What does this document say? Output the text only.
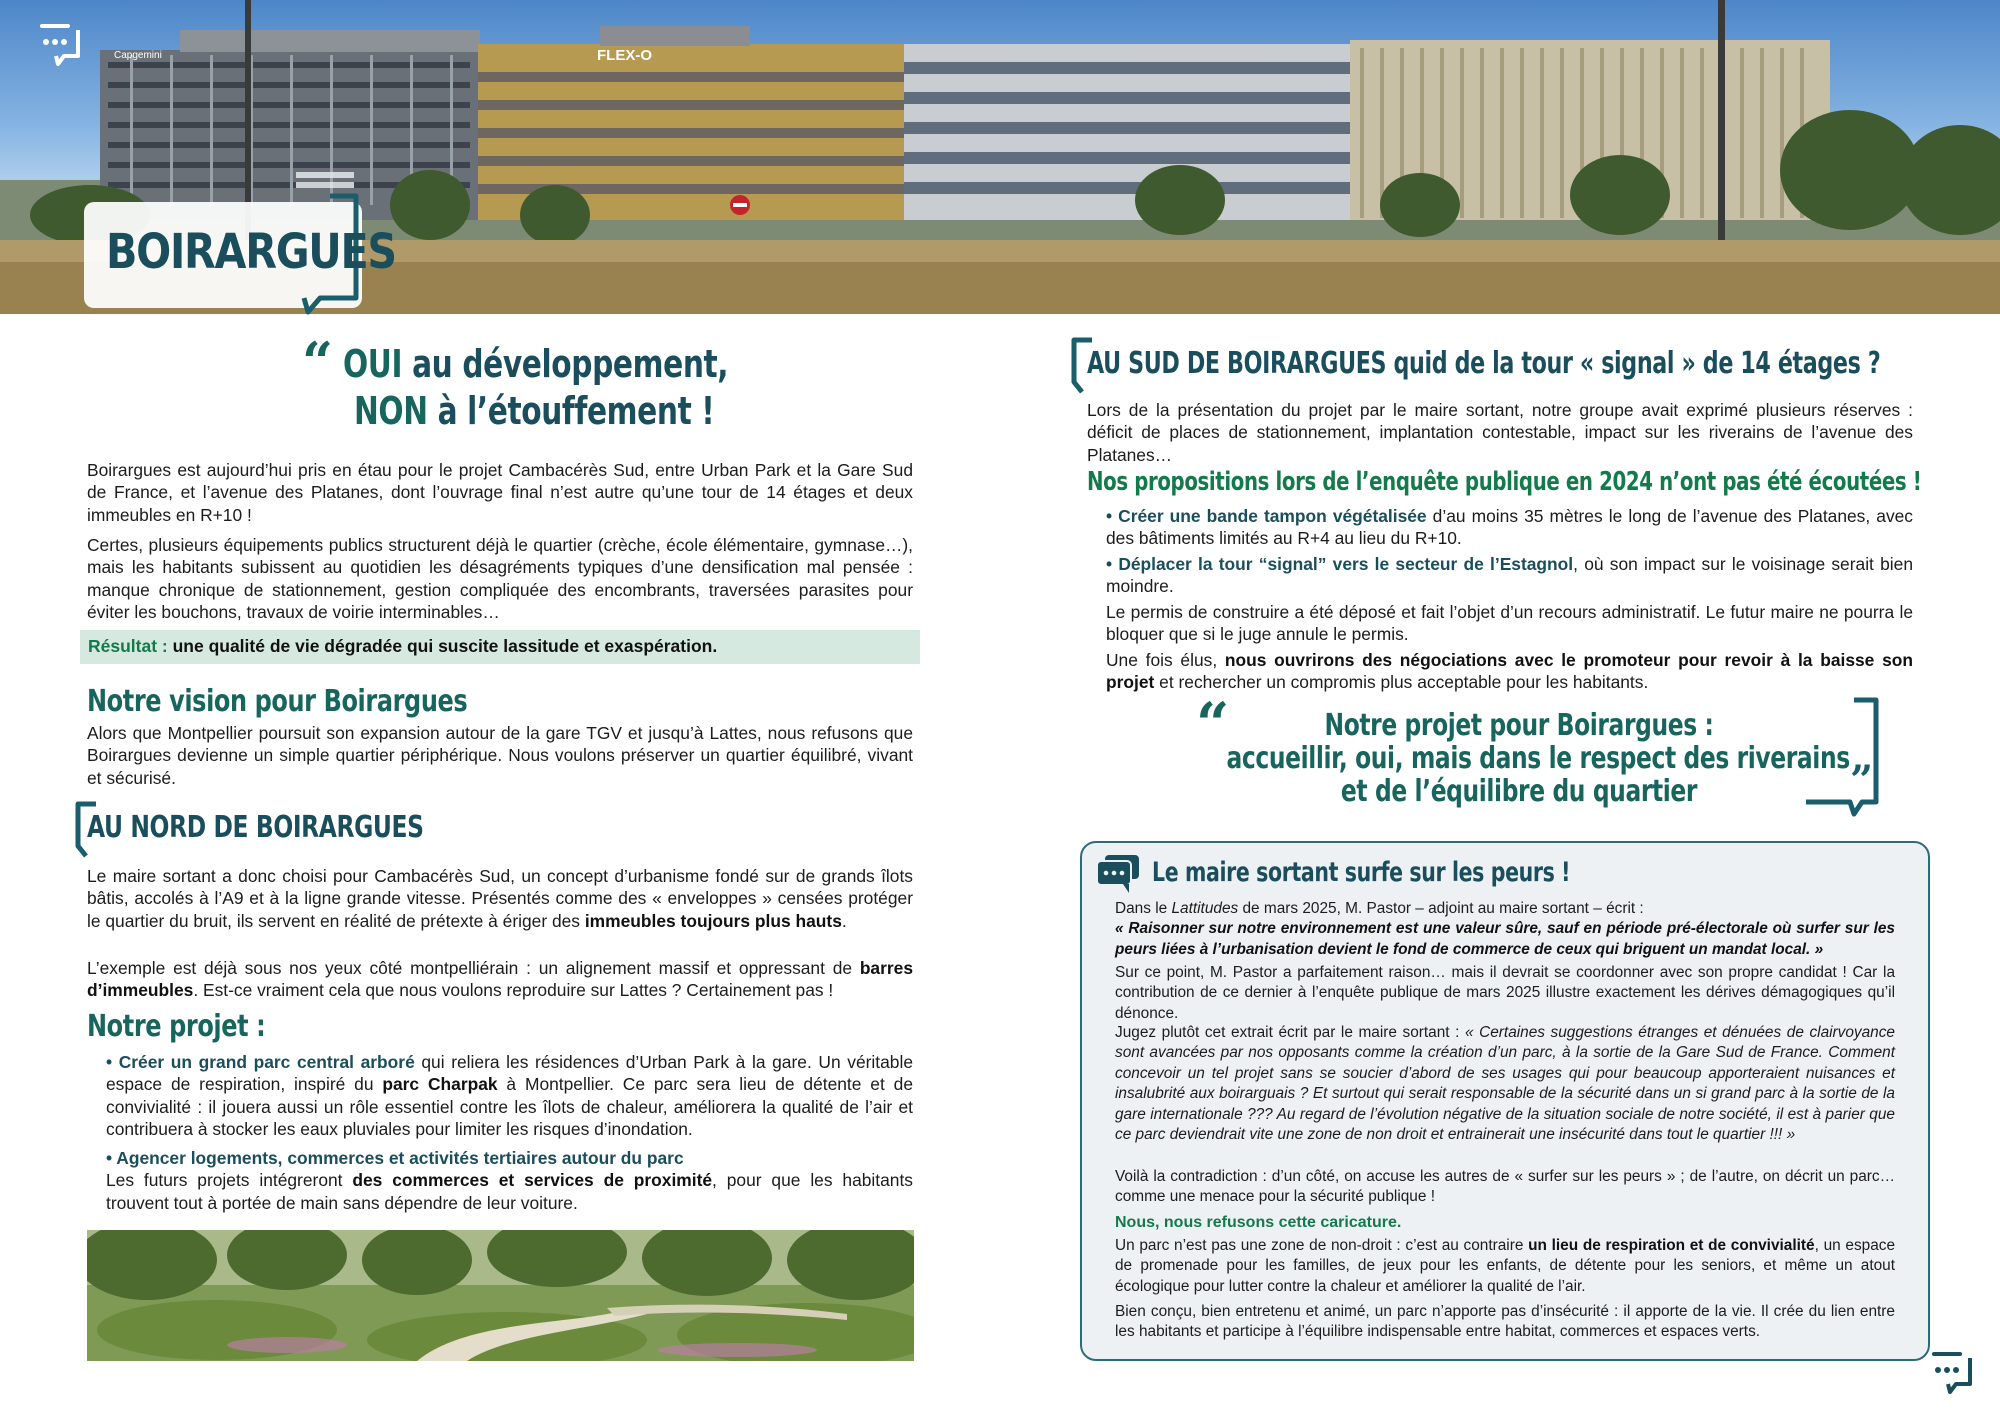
Capgemini	FLEX-O
BOIRARGUES
“ OUI au développement,
NON à l’étouffement !

Boirargues est aujourd’hui pris en étau pour le projet Cambacérès Sud, entre Urban Park et la Gare Sud de France, et l’avenue des Platanes, dont l’ouvrage final n’est autre qu’une tour de 14 étages et deux immeubles en R+10 !

Certes, plusieurs équipements publics structurent déjà le quartier (crèche, école élémentaire, gymnase…), mais les habitants subissent au quotidien les désagréments typiques d’une densification mal pensée : manque chronique de stationnement, gestion compliquée des encombrants, traversées parasites pour éviter les bouchons, travaux de voirie interminables…

Résultat : une qualité de vie dégradée qui suscite lassitude et exaspération.
Notre vision pour Boirargues

Alors que Montpellier poursuit son expansion autour de la gare TGV et jusqu’à Lattes, nous refusons que Boirargues devienne un simple quartier périphérique. Nous voulons préserver un quartier équilibré, vivant et sécurisé.

AU NORD DE BOIRARGUES

Le maire sortant a donc choisi pour Cambacérès Sud, un concept d’urbanisme fondé sur de grands îlots bâtis, accolés à l’A9 et à la ligne grande vitesse. Présentés comme des « enveloppes » censées protéger le quartier du bruit, ils servent en réalité de prétexte à ériger des immeubles toujours plus hauts.

L’exemple est déjà sous nos yeux côté montpelliérain : un alignement massif et oppressant de barres d’immeubles. Est-ce vraiment cela que nous voulons reproduire sur Lattes ? Certainement pas !

Notre projet :

• Créer un grand parc central arboré qui reliera les résidences d’Urban Park à la gare. Un véritable espace de respiration, inspiré du parc Charpak à Montpellier. Ce parc sera lieu de détente et de convivialité : il jouera aussi un rôle essentiel contre les îlots de chaleur, améliorera la qualité de l’air et contribuera à stocker les eaux pluviales pour limiter les risques d’inondation.

• Agencer logements, commerces et activités tertiaires autour du parc
Les futurs projets intégreront des commerces et services de proximité, pour que les habitants trouvent tout à portée de main sans dépendre de leur voiture.

AU SUD DE BOIRARGUES quid de la tour « signal » de 14 étages ?

Lors de la présentation du projet par le maire sortant, notre groupe avait exprimé plusieurs réserves : déficit de places de stationnement, implantation contestable, impact sur les riverains de l’avenue des Platanes…

Nos propositions lors de l’enquête publique en 2024 n’ont pas été écoutées !

• Créer une bande tampon végétalisée d’au moins 35 mètres le long de l’avenue des Platanes, avec des bâtiments limités au R+4 au lieu du R+10.

• Déplacer la tour “signal” vers le secteur de l’Estagnol, où son impact sur le voisinage serait bien moindre.

Le permis de construire a été déposé et fait l’objet d’un recours administratif. Le futur maire ne pourra le bloquer que si le juge annule le permis.

Une fois élus, nous ouvrirons des négociations avec le promoteur pour revoir à la baisse son projet et rechercher un compromis plus acceptable pour les habitants.

“	Notre projet pour Boirargues :
accueillir, oui, mais dans le respect des riverains
et de l’équilibre du quartier	”
Le maire sortant surfe sur les peurs !

Dans le Lattitudes de mars 2025, M. Pastor – adjoint au maire sortant – écrit :
« Raisonner sur notre environnement est une valeur sûre, sauf en période pré-électorale où surfer sur les peurs liées à l’urbanisation devient le fond de commerce de ceux qui briguent un mandat local. »

Sur ce point, M. Pastor a parfaitement raison… mais il devrait se coordonner avec son propre candidat ! Car la contribution de ce dernier à l’enquête publique de mars 2025 illustre exactement les dérives démagogiques qu’il dénonce.

Jugez plutôt cet extrait écrit par le maire sortant : « Certaines suggestions étranges et dénuées de clairvoyance sont avancées par nos opposants comme la création d’un parc, à la sortie de la Gare Sud de France. Comment concevoir un tel projet sans se soucier d’abord de ses usages qui pour beaucoup apporteraient nuisances et insalubrité aux boirarguais ? Et surtout qui serait responsable de la sécurité dans un si grand parc à la sortie de la gare internationale ??? Au regard de l’évolution négative de la situation sociale de notre société, il est à parier que ce parc deviendrait vite une zone de non droit et entrainerait une insécurité dans tout le quartier !!! »

Voilà la contradiction : d’un côté, on accuse les autres de « surfer sur les peurs » ; de l’autre, on décrit un parc… comme une menace pour la sécurité publique !

Nous, nous refusons cette caricature.

Un parc n’est pas une zone de non-droit : c’est au contraire un lieu de respiration et de convivialité, un espace de promenade pour les familles, de jeux pour les enfants, de détente pour les seniors, et même un atout écologique pour lutter contre la chaleur et améliorer la qualité de l’air.

Bien conçu, bien entretenu et animé, un parc n’apporte pas d’insécurité : il apporte de la vie. Il crée du lien entre les habitants et participe à l’équilibre indispensable entre habitat, commerces et espaces verts.
